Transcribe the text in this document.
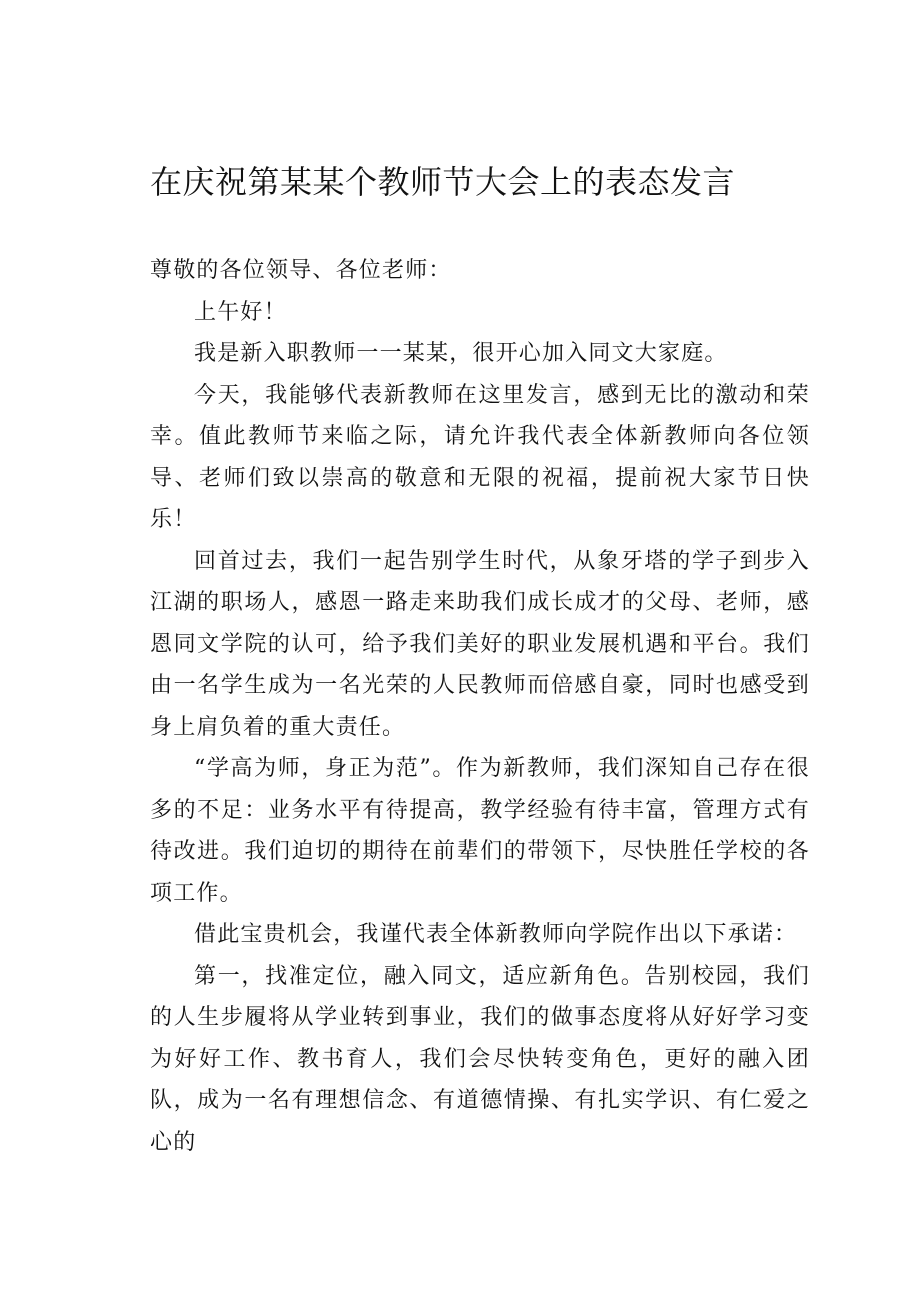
在庆祝第某某个教师节大会上的表态发言

尊敬的各位领导、各位老师：

上午好！

我是新入职教师一一某某，很开心加入同文大家庭。

今天，我能够代表新教师在这里发言，感到无比的激动和荣幸。值此教师节来临之际，请允许我代表全体新教师向各位领导、老师们致以崇高的敬意和无限的祝福，提前祝大家节日快乐！

回首过去，我们一起告别学生时代，从象牙塔的学子到步入江湖的职场人，感恩一路走来助我们成长成才的父母、老师，感恩同文学院的认可，给予我们美好的职业发展机遇和平台。我们由一名学生成为一名光荣的人民教师而倍感自豪，同时也感受到身上肩负着的重大责任。

“学高为师，身正为范”。作为新教师，我们深知自己存在很多的不足：业务水平有待提高，教学经验有待丰富，管理方式有待改进。我们迫切的期待在前辈们的带领下，尽快胜任学校的各项工作。

借此宝贵机会，我谨代表全体新教师向学院作出以下承诺：

第一，找准定位，融入同文，适应新角色。告别校园，我们的人生步履将从学业转到事业，我们的做事态度将从好好学习变为好好工作、教书育人，我们会尽快转变角色，更好的融入团队，成为一名有理想信念、有道德情操、有扎实学识、有仁爱之心的
